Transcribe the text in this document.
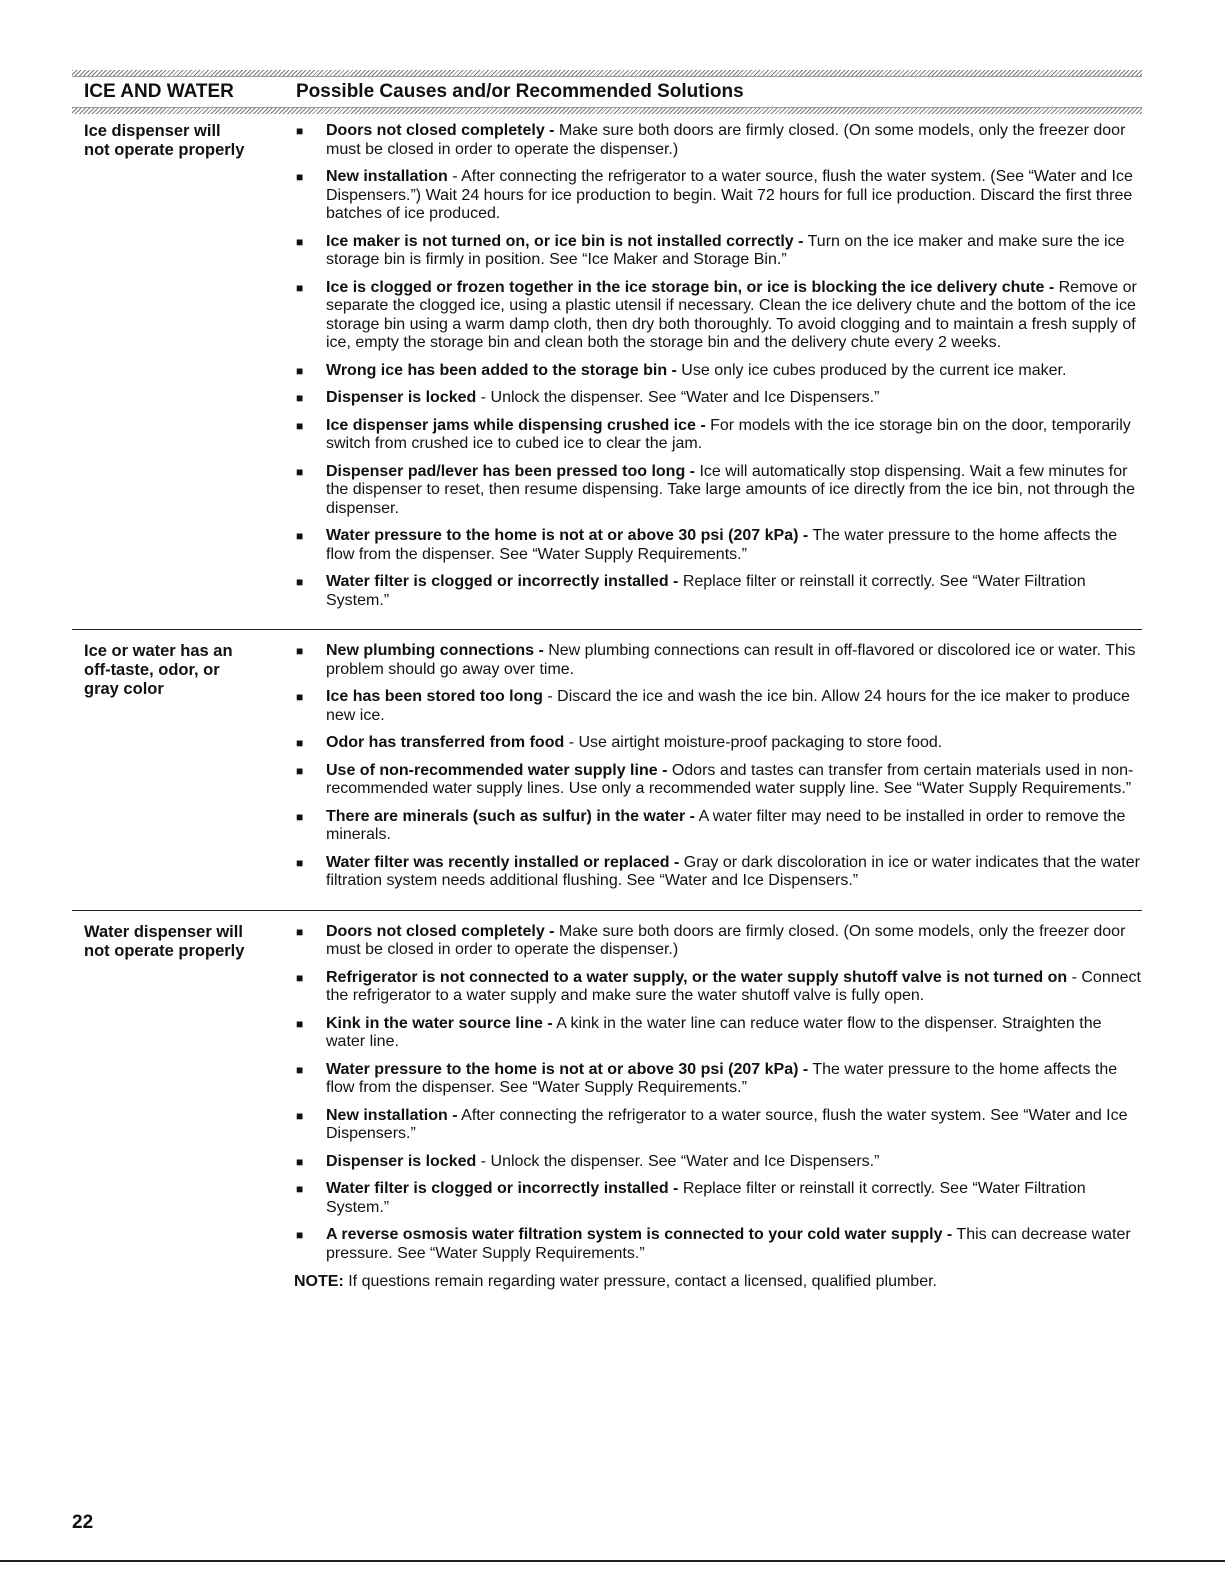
ICE AND WATER	Possible Causes and/or Recommended Solutions
Ice dispenser will
not operate properly
■	Doors not closed completely - Make sure both doors are firmly closed. (On some models, only the freezer door must be closed in order to operate the dispenser.)
■	New installation - After connecting the refrigerator to a water source, flush the water system. (See “Water and Ice Dispensers.”) Wait 24 hours for ice production to begin. Wait 72 hours for full ice production. Discard the first three batches of ice produced.
■	Ice maker is not turned on, or ice bin is not installed correctly - Turn on the ice maker and make sure the ice storage bin is firmly in position. See “Ice Maker and Storage Bin.”
■	Ice is clogged or frozen together in the ice storage bin, or ice is blocking the ice delivery chute - Remove or separate the clogged ice, using a plastic utensil if necessary. Clean the ice delivery chute and the bottom of the ice storage bin using a warm damp cloth, then dry both thoroughly. To avoid clogging and to maintain a fresh supply of ice, empty the storage bin and clean both the storage bin and the delivery chute every 2 weeks.
■	Wrong ice has been added to the storage bin - Use only ice cubes produced by the current ice maker.
■	Dispenser is locked - Unlock the dispenser. See “Water and Ice Dispensers.”
■	Ice dispenser jams while dispensing crushed ice - For models with the ice storage bin on the door, temporarily switch from crushed ice to cubed ice to clear the jam.
■	Dispenser pad/lever has been pressed too long - Ice will automatically stop dispensing. Wait a few minutes for the dispenser to reset, then resume dispensing. Take large amounts of ice directly from the ice bin, not through the dispenser.
■	Water pressure to the home is not at or above 30 psi (207 kPa) - The water pressure to the home affects the flow from the dispenser. See “Water Supply Requirements.”
■	Water filter is clogged or incorrectly installed - Replace filter or reinstall it correctly. See “Water Filtration System.”
Ice or water has an
off-taste, odor, or
gray color
■	New plumbing connections - New plumbing connections can result in off-flavored or discolored ice or water. This problem should go away over time.
■	Ice has been stored too long - Discard the ice and wash the ice bin. Allow 24 hours for the ice maker to produce new ice.
■	Odor has transferred from food - Use airtight moisture-proof packaging to store food.
■	Use of non-recommended water supply line - Odors and tastes can transfer from certain materials used in non-recommended water supply lines. Use only a recommended water supply line. See “Water Supply Requirements.”
■	There are minerals (such as sulfur) in the water - A water filter may need to be installed in order to remove the minerals.
■	Water filter was recently installed or replaced - Gray or dark discoloration in ice or water indicates that the water filtration system needs additional flushing. See “Water and Ice Dispensers.”
Water dispenser will
not operate properly
■	Doors not closed completely - Make sure both doors are firmly closed. (On some models, only the freezer door must be closed in order to operate the dispenser.)
■	Refrigerator is not connected to a water supply, or the water supply shutoff valve is not turned on - Connect the refrigerator to a water supply and make sure the water shutoff valve is fully open.
■	Kink in the water source line - A kink in the water line can reduce water flow to the dispenser. Straighten the water line.
■	Water pressure to the home is not at or above 30 psi (207 kPa) - The water pressure to the home affects the flow from the dispenser. See “Water Supply Requirements.”
■	New installation - After connecting the refrigerator to a water source, flush the water system. See “Water and Ice Dispensers.”
■	Dispenser is locked - Unlock the dispenser. See “Water and Ice Dispensers.”
■	Water filter is clogged or incorrectly installed - Replace filter or reinstall it correctly. See “Water Filtration System.”
■	A reverse osmosis water filtration system is connected to your cold water supply - This can decrease water pressure. See “Water Supply Requirements.”
NOTE: If questions remain regarding water pressure, contact a licensed, qualified plumber.
22
